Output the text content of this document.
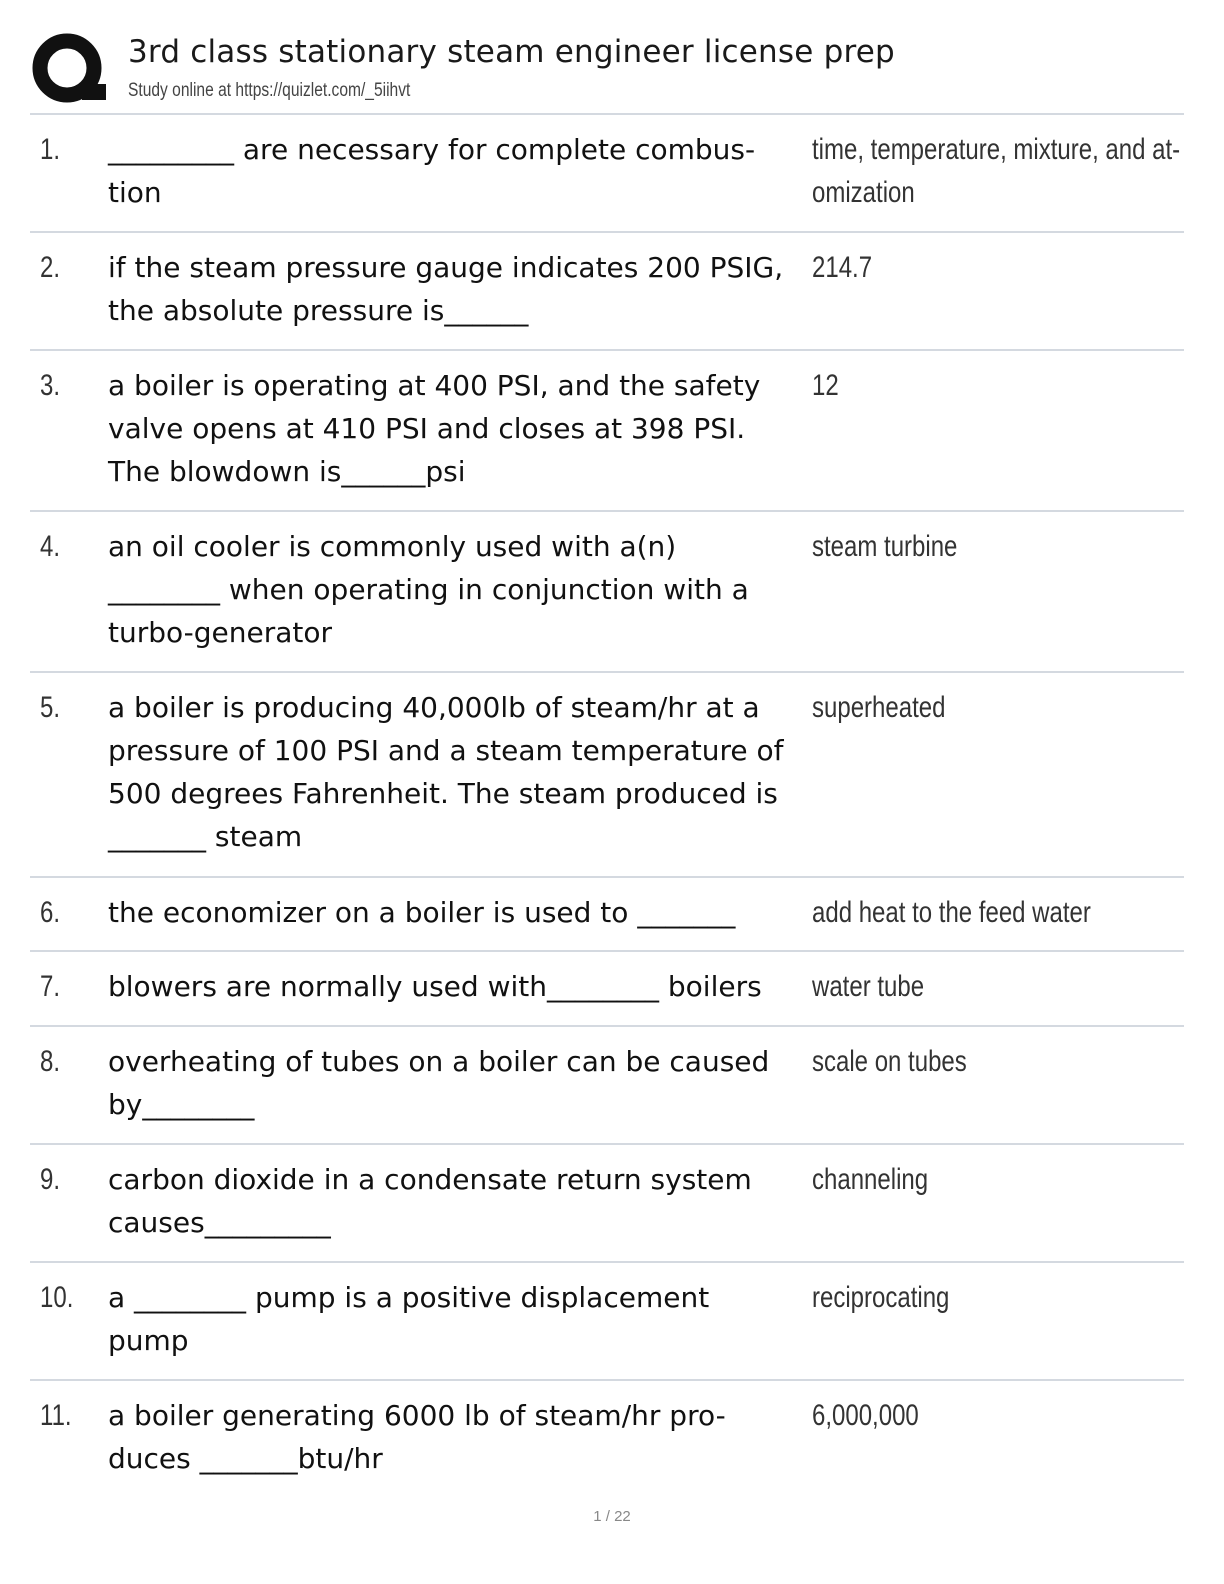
3rd class stationary steam engineer license prep
Study online at https://quizlet.com/_5iihvt
1. _________ are necessary for complete combus-
tion
time, temperature, mixture, and at-
omization
2. if the steam pressure gauge indicates 200 PSIG,
the absolute pressure is______
214.7
3. a boiler is operating at 400 PSI, and the safety
valve opens at 410 PSI and closes at 398 PSI.
The blowdown is______psi
12
4. an oil cooler is commonly used with a(n)
________ when operating in conjunction with a
turbo-generator
steam turbine
5. a boiler is producing 40,000lb of steam/hr at a
pressure of 100 PSI and a steam temperature of
500 degrees Fahrenheit. The steam produced is
_______ steam
superheated
6. the economizer on a boiler is used to _______	add heat to the feed water
7. blowers are normally used with________ boilers	water tube
8. overheating of tubes on a boiler can be caused
by________
scale on tubes
9. carbon dioxide in a condensate return system
causes_________
channeling
10. a ________ pump is a positive displacement
pump
reciprocating
11. a boiler generating 6000 lb of steam/hr pro-
duces _______btu/hr
6,000,000
1 / 22
